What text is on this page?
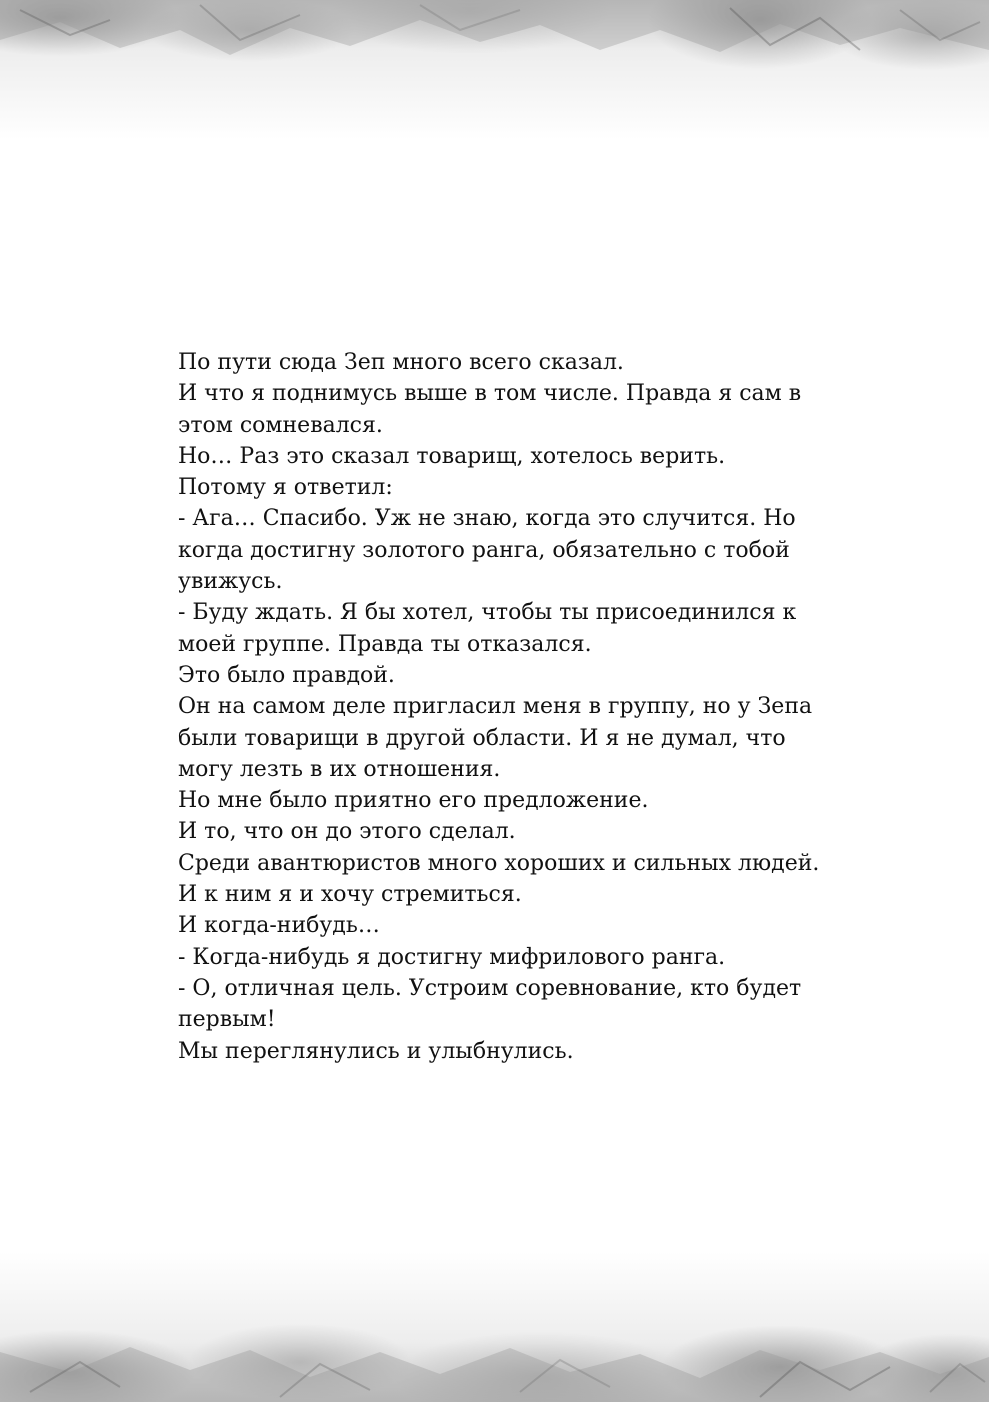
По пути сюда Зеп много всего сказал.

И что я поднимусь выше в том числе. Правда я сам в этом сомневался.

Но… Раз это сказал товарищ, хотелось верить.

Потому я ответил:

- Ага… Спасибо. Уж не знаю, когда это случится. Но когда достигну золотого ранга, обязательно с тобой увижусь.

- Буду ждать. Я бы хотел, чтобы ты присоединился к моей группе. Правда ты отказался.

Это было правдой.

Он на самом деле пригласил меня в группу, но у Зепа были товарищи в другой области. И я не думал, что могу лезть в их отношения.

Но мне было приятно его предложение.

И то, что он до этого сделал.

Среди авантюристов много хороших и сильных людей.

И к ним я и хочу стремиться.

И когда-нибудь…

- Когда-нибудь я достигну мифрилового ранга.

- О, отличная цель. Устроим соревнование, кто будет первым!

Мы переглянулись и улыбнулись.
